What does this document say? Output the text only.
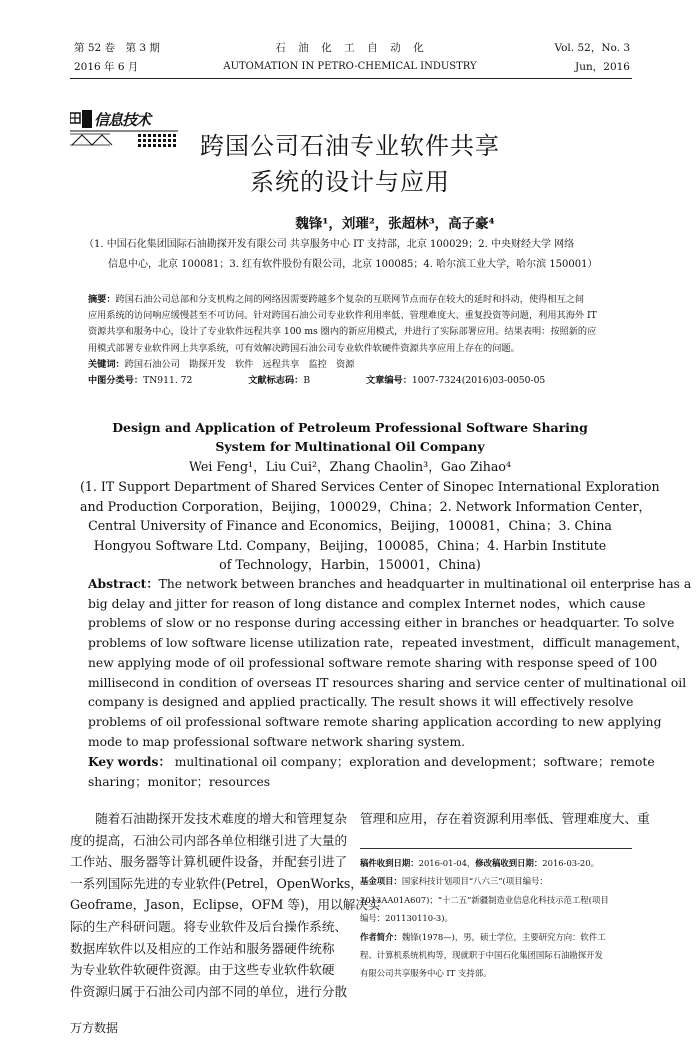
第 52 卷　第 3 期
2016 年 6 月
石　油　化　工　自　动　化
AUTOMATION IN PETRO-CHEMICAL INDUSTRY
Vol. 52，No. 3
Jun，2016
信息技术
跨国公司石油专业软件共享
系统的设计与应用
魏锋¹，刘璀²，张超林³，高子豪⁴
（1. 中国石化集团国际石油勘探开发有限公司 共享服务中心 IT 支持部，北京 100029；2. 中央财经大学 网络
信息中心，北京 100081；3. 红有软件股份有限公司，北京 100085；4. 哈尔滨工业大学，哈尔滨 150001）
摘要：跨国石油公司总部和分支机构之间的网络因需要跨越多个复杂的互联网节点而存在较大的延时和抖动，使得相互之间
应用系统的访问响应缓慢甚至不可访问。针对跨国石油公司专业软件利用率低、管理难度大、重复投资等问题，利用其海外 IT
资源共享和服务中心，设计了专业软件远程共享 100 ms 圈内的新应用模式，并进行了实际部署应用。结果表明：按照新的应
用模式部署专业软件网上共享系统，可有效解决跨国石油公司专业软件软硬件资源共享应用上存在的问题。
关键词：跨国石油公司　勘探开发　软件　远程共享　监控　资源
中图分类号：TN911. 72	文献标志码：B	文章编号：1007-7324(2016)03-0050-05
Design and Application of Petroleum Professional Software Sharing
System for Multinational Oil Company
Wei Feng¹，Liu Cui²，Zhang Chaolin³，Gao Zihao⁴
(1. IT Support Department of Shared Services Center of Sinopec International Exploration
and Production Corporation，Beijing，100029，China；2. Network Information Center，
Central University of Finance and Economics，Beijing，100081，China；3. China
Hongyou Software Ltd. Company，Beijing，100085，China；4. Harbin Institute
of Technology，Harbin，150001，China)
Abstract：The network between branches and headquarter in multinational oil enterprise has a
big delay and jitter for reason of long distance and complex Internet nodes，which cause
problems of slow or no response during accessing either in branches or headquarter. To solve
problems of low software license utilization rate，repeated investment，difficult management，
new applying mode of oil professional software remote sharing with response speed of 100
millisecond in condition of overseas IT resources sharing and service center of multinational oil
company is designed and applied practically. The result shows it will effectively resolve
problems of oil professional software remote sharing application according to new applying
mode to map professional software network sharing system.
Key words： multinational oil company；exploration and development；software；remote
sharing；monitor；resources
　　随着石油勘探开发技术难度的增大和管理复杂
度的提高，石油公司内部各单位相继引进了大量的
工作站、服务器等计算机硬件设备，并配套引进了
一系列国际先进的专业软件(Petrel，OpenWorks，
Geoframe，Jason，Eclipse，OFM 等)，用以解决实
际的生产科研问题。将专业软件及后台操作系统、
数据库软件以及相应的工作站和服务器硬件统称
为专业软件软硬件资源。由于这些专业软件软硬
件资源归属于石油公司内部不同的单位，进行分散
管理和应用，存在着资源利用率低、管理难度大、重
稿件收到日期：2016-01-04，修改稿收到日期：2016-03-20。
基金项目：国家科技计划项目“八六三”(项目编号：
2013AA01A607)；“十二五”新疆制造业信息化科技示范工程(项目
编号：201130110-3)。
作者简介：魏锋(1978—)，男，硕士学位，主要研究方向：软件工
程、计算机系统机构等，现就职于中国石化集团国际石油勘探开发
有限公司共享服务中心 IT 支持部。
万方数据
